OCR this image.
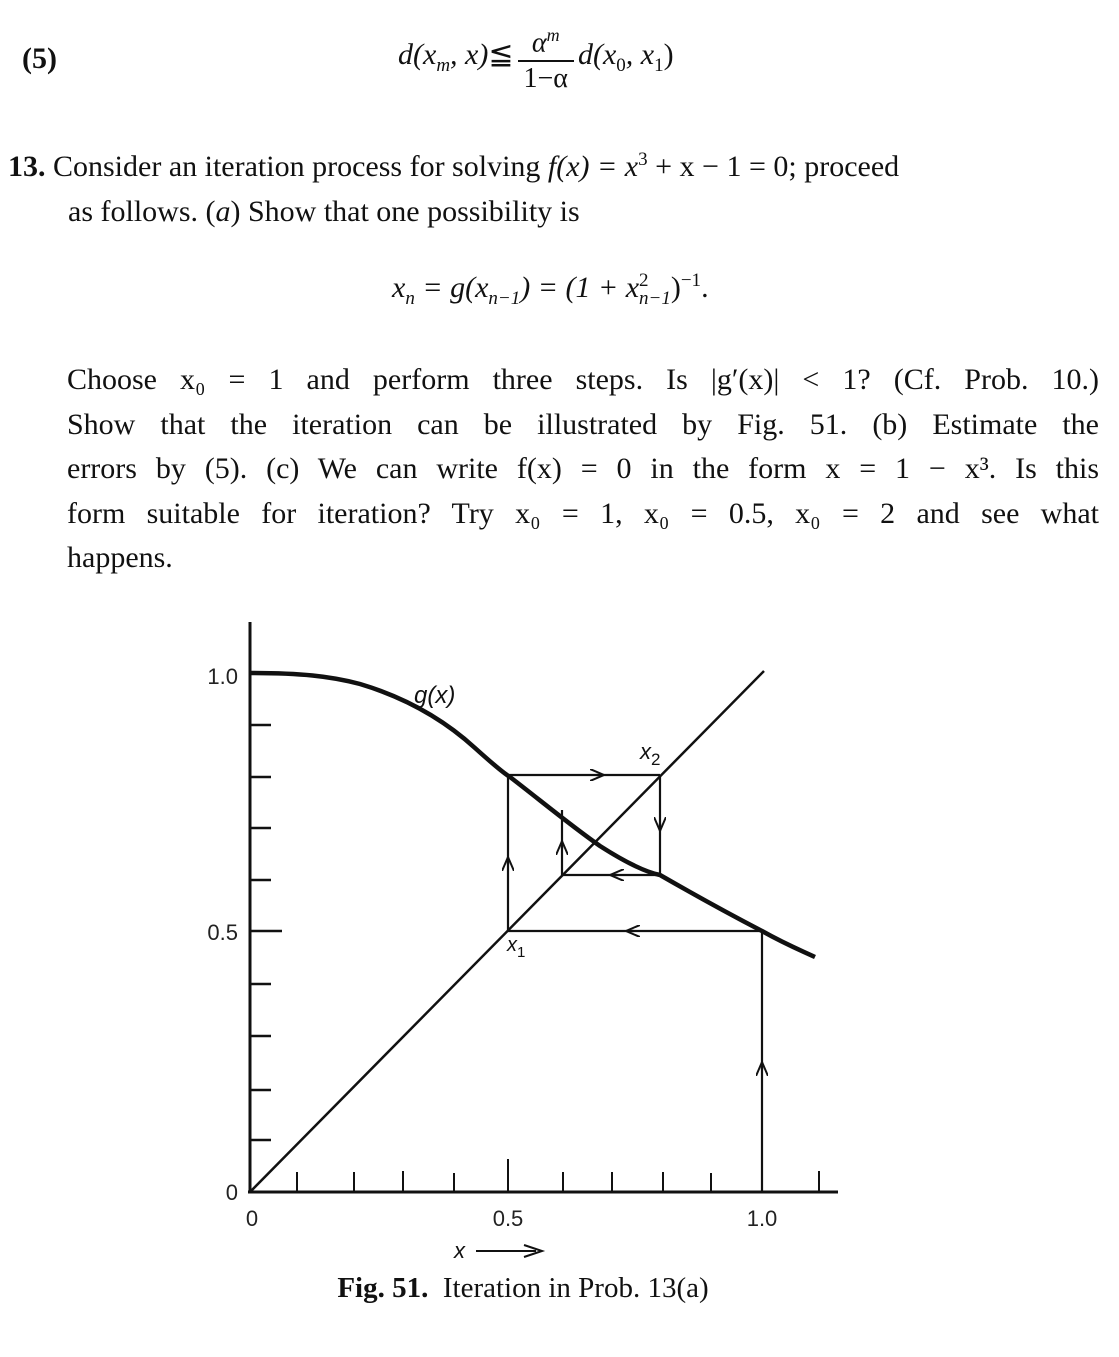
(5)	$d(x_m$, x)≦ $\frac{\alpha^m}{1-\alpha} d(x_0$, $x_1$)
13. Consider an iteration process for solving $f(x) = x^3 + x - 1 = 0$; proceed
as follows. (a) Show that one possibility is
$x_n = g(x_{n-1}) = (1 + x$ 2
n−1 )$^{-1}$.
Choose x₀ = 1 and perform three steps. Is |g′(x)| < 1? (Cf. Prob. 10.)
Show that the iteration can be illustrated by Fig. 51. (b) Estimate the
errors by (5). (c) We can write f(x) = 0 in the form x = 1 − x³. Is this
form suitable for iteration? Try x₀ = 1, x₀ = 0.5, x₀ = 2 and see what
happens.
1.0
0.5
0
0	0.5	1.0
g(x)
$x_1$
$x_2$
x
Fig. 51. Iteration in Prob. 13(a)
